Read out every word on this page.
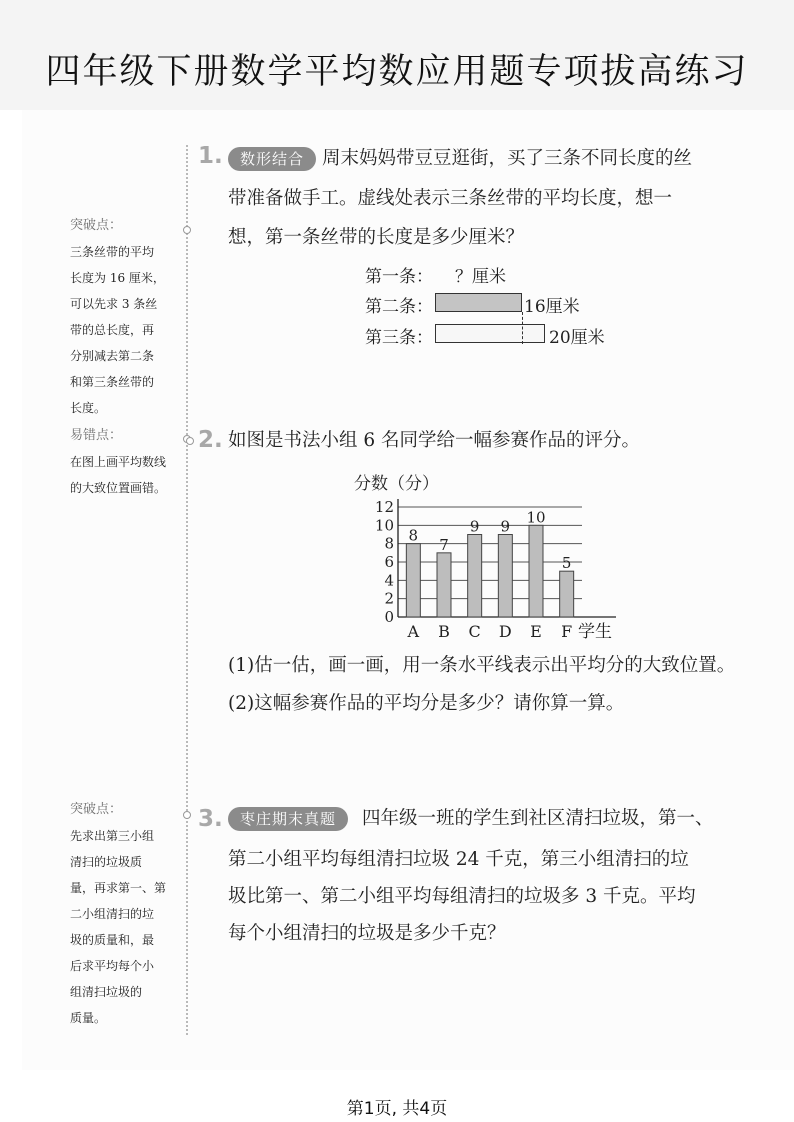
四年级下册数学平均数应用题专项拔高练习
突破点：
三条丝带的平均
长度为 16 厘米，
可以先求 3 条丝
带的总长度，再
分别减去第二条
和第三条丝带的
长度。
易错点：
在图上画平均数线
的大致位置画错。
突破点：
先求出第三小组
清扫的垃圾质
量，再求第一、第
二小组清扫的垃
圾的质量和，最
后求平均每个小
组清扫垃圾的
质量。
1.	数形结合 周末妈妈带豆豆逛街，买了三条不同长度的丝
带准备做手工。虚线处表示三条丝带的平均长度，想一
想，第一条丝带的长度是多少厘米？
第一条： ？厘米
第二条：	16厘米
第三条：	20厘米
2. 如图是书法小组 6 名同学给一幅参赛作品的评分。
分数（分）
0
2
4
6
8
10
12
8
A
7
B
9
C
9
D
10
E
5
F 学生
(1)估一估，画一画，用一条水平线表示出平均分的大致位置。
(2)这幅参赛作品的平均分是多少？请你算一算。
3.	枣庄期末真题	四年级一班的学生到社区清扫垃圾，第一、
第二小组平均每组清扫垃圾 24 千克，第三小组清扫的垃
圾比第一、第二小组平均每组清扫的垃圾多 3 千克。平均
每个小组清扫的垃圾是多少千克？
第1页, 共4页
